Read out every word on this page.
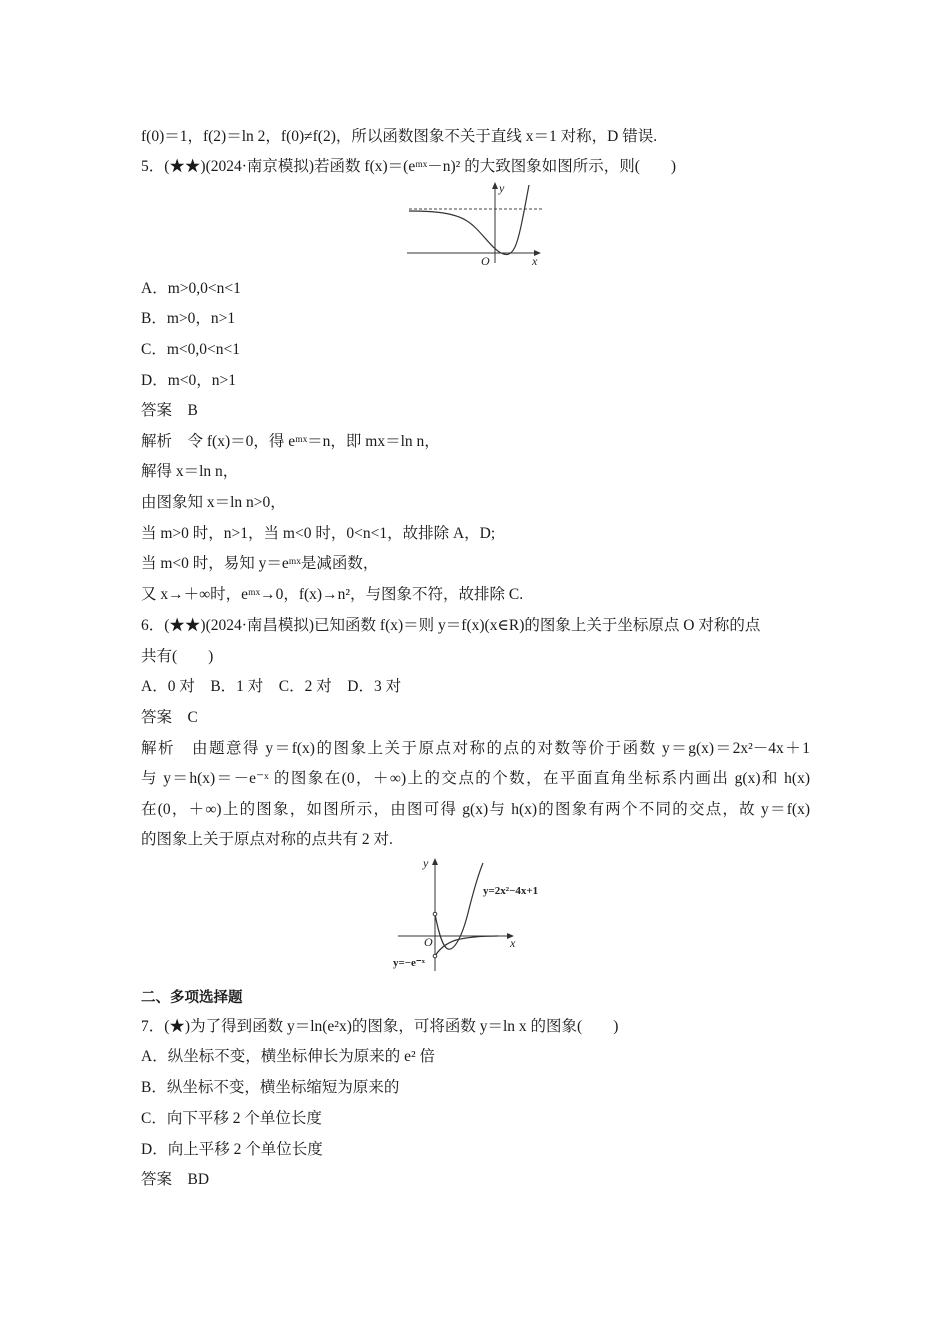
f(0)＝1，f(2)＝ln 2，f(0)≠f(2)，所以函数图象不关于直线 x＝1 对称，D 错误.
5．(★★)(2024·南京模拟)若函数 f(x)＝(eᵐˣ－n)² 的大致图象如图所示，则(　　)
y
O	x
A．m>0,0<n<1
B．m>0，n>1
C．m<0,0<n<1
D．m<0，n>1
答案　B
解析　令 f(x)＝0，得 eᵐˣ＝n，即 mx＝ln n，
解得 x＝ln n，
由图象知 x＝ln n>0，
当 m>0 时，n>1，当 m<0 时，0<n<1，故排除 A，D;
当 m<0 时，易知 y＝eᵐˣ是减函数，
又 x→＋∞时，eᵐˣ→0，f(x)→n²，与图象不符，故排除 C.
6．(★★)(2024·南昌模拟)已知函数 f(x)＝则 y＝f(x)(x∈R)的图象上关于坐标原点 O 对称的点
共有(　　)
A．0 对　B．1 对　C．2 对　D．3 对
答案　C
解析　由题意得 y＝f(x)的图象上关于原点对称的点的对数等价于函数 y＝g(x)＝2x²－4x＋1
与 y＝h(x)＝－e⁻ˣ 的图象在(0，＋∞)上的交点的个数，在平面直角坐标系内画出 g(x)和 h(x)
在(0，＋∞)上的图象，如图所示，由图可得 g(x)与 h(x)的图象有两个不同的交点，故 y＝f(x)
的图象上关于原点对称的点共有 2 对.
y
O	x
y=2x²−4x+1
y=−e⁻ˣ
二、多项选择题
7．(★)为了得到函数 y＝ln(e²x)的图象，可将函数 y＝ln x 的图象(　　)
A．纵坐标不变，横坐标伸长为原来的 e² 倍
B．纵坐标不变，横坐标缩短为原来的
C．向下平移 2 个单位长度
D．向上平移 2 个单位长度
答案　BD
